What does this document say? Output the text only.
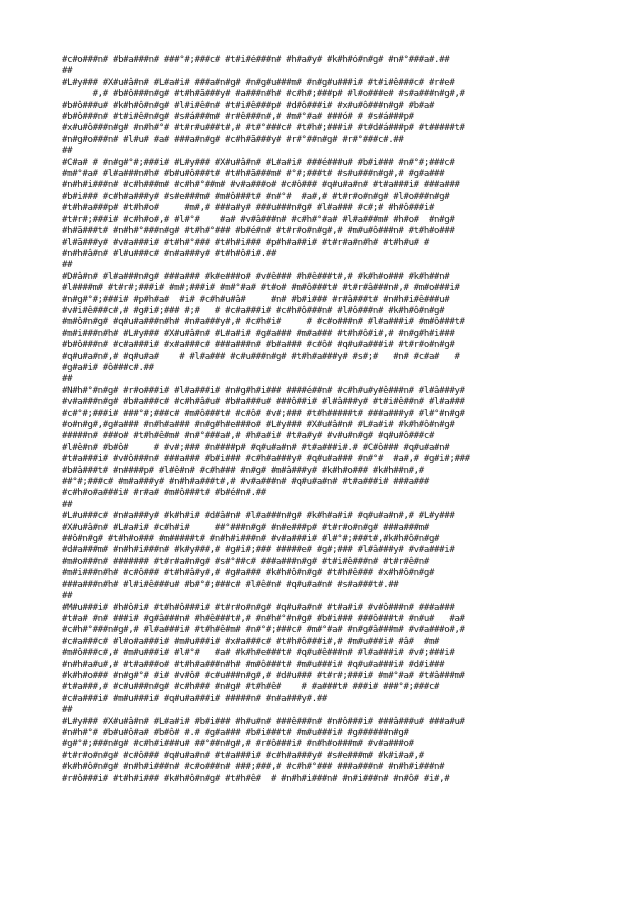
#c#o###n# #b#a###n# ###°#;###c# #t#i#é###n# #h#a#y# #k#h#ó#n#g# #n#°###a#.##
##
#L#y### #X#u#â#n# #L#a#i# ###a#n#g# #n#g#u###m# #n#g#u###i# #t#i#ê###c# #r#e#
#,# #b#ô###n#g# #t#h#ã###y# #a###n#h# #c#h#;###p# #l#o###e# #s#a###n#g#,#
#b#ô###u# #k#h#ô#n#g# #l#i#ê#n# #t#i#ê###p# #d#ô###i# #x#u#ô###n#g# #b#a#
#b#ô###n# #t#i#ê#n#g# #s#á###m# #r#ê###n#,# #m#°#a# ###ó# # #s#á###p#
#x#u#ô###n#g# #n#h#°# #t#r#u###t#,# #t#°###c# #t#h#;###i# #t#d#á###p# #t#####t#
#n#g#o###n# #l#u# #a# ###a#n#g# #c#h#ã###y# #r#°##n#g# #r#°###c#.##
##
#C#a# # #n#g#°#;###i# #L#y### #X#u#â#n# #L#a#i# ###é###u# #b#i### #n#°#;###c#
#m#°#a# #l#a###n#h# #b#u#ô###t# #t#h#ã###m# #°#;###t# #s#u###n#g#,# #g#a###
#n#h#i###n# #c#h###m# #c#h#°##m# #v#a###o# #c#ô### #q#u#a#n# #t#a###i# ###a###
#b#i### #c#h#a###y# #s#e###m# #m#ô###t# #n#°#  #a#,# #t#r#o#n#g# #l#o###n#g#
#t#h#a###p# #t#h#o#     #m#,# ###a#y# ###u###n#g# #l#a### #c#;# #h#ô###i#
#t#r#;###i# #c#h#o#,# #l#°#    #a# #v#â###n# #c#h#°#a# #l#a###m# #h#o#  #n#g#
#h#ã###t# #n#h#°###n#g# #t#h#°### #b#é#n# #t#r#o#n#g#,# #m#u#ô###n# #t#h#o###
#l#ã###y# #v#a###i# #t#h#°### #t#h#i### #p#h#a##i# #t#r#a#n#h# #t#h#u# #
#n#h#â#n# #l#u###c# #n#a###y# #t#h#ô#i#.##
##
#D#â#n# #l#a###n#g# ###a### #k#e###o# #v#ê### #h#ê###t#,# #k#h#o### #k#h##n#
#l####m# #t#r#;###i# #m#;###i# #m#°#a# #t#o# #m#ô###t# #t#r#â###n#,# #m#o###i#
#n#g#°#;###i# #p#h#a#  #i# #c#h#u#â#     #n# #b#i### #r#â###t# #n#h#i#ê###u#
#v#i#ê###c#,# #g#i#;### #;#   # #c#a###i# #c#h#ô###n# #l#ô###n# #k#h#ô#n#g#
#m#ô#n#g# #q#u#a###n#h# #n#a###y#,# #c#h#i#     # #c#o###n# #l#a###i# #m#ô###t#
#m#i###n#h# #L#y### #X#u#â#n# #L#a#i# #g#a### #m#a### #t#h#ô#i#,# #n#g#h#i###
#b#ô###n# #c#a###i# #x#a###c# ###a###n# #b#a### #c#ô# #q#u#a###i# #t#r#o#n#g#
#q#u#a#n#,# #q#u#a#    # #l#a### #c#u###n#g# #t#h#a###y# #s#;#   #n# #c#a#   #
#g#a#i# #ô###c#.##
##
#N#h#°#n#g# #r#o###i# #l#a###i# #n#g#h#i### ####é##n# #c#h#u#y#ê###n# #l#â###y#
#v#a###n#g# #b#a###c# #c#h#â#u# #b#a###u# ###ô##i# #l#â###y# #t#i#ê##n# #l#a###
#c#°#;###i# ###°#;###c# #m#ô###t# #c#ô# #v#;### #t#h#####t# ###a###y# #l#°#n#g#
#o#n#g#,#g#a### #n#h#a### #n#g#h#e###o# #L#y### #X#u#â#n# #L#a#i# #k#h#ô#n#g#
#####n# ###o# #t#h#ê#m# #n#°###a#,# #h#a#i# #t#a#y# #v#u#n#g# #q#u#ô###c#
#l#ê#n# #b#ô#     # #v#;### #n####p# #q#u#a#n# #t#a###i#.# #C#ô### #q#u#a#n#
#t#a###i# #v#ô###n# ###a### #b#i### #c#h#a###y# #q#u#a### #n#°#  #a#,# #g#i#;###
#b#â###t# #n####p# #l#ê#n# #c#h### #n#g# #m#â###y# #k#h#o### #k#h##n#,#
##°#;###c# #m#a###y# #n#h#a###t#,# #v#a###n# #q#u#a#n# #t#a###i# ###a###
#c#h#o#a###i# #r#a# #m#ô###t# #b#é#n#.##
##
#L#u###c# #n#a###y# #k#h#i# #d#â#n# #l#a###n#g# #k#h#a#i# #q#u#a#n#,# #L#y###
#X#u#â#n# #L#a#i# #c#h#i#     ##°###n#g# #n#e###p# #t#r#o#n#g# ###a###m#
##ô#n#g# #t#h#o### #m#####t# #n#h#i###n# #v#a###i# #l#°#;###t#,#k#h#ô#n#g#
#d#a###m# #n#h#i###n# #k#y###,# #g#i#;### #####e# #g#;### #l#â###y# #v#a###i#
#m#o###n# ####### #t#r#a#n#g# #s#°##c# ###a###n#g# #t#i#ê###n# #t#r#ê#n#
#m#i###n#h# #c#ô### #t#h#â#y#,# #g#a### #k#h#ô#n#g# #t#h#ê### #x#h#ô#n#g#
###a###n#h# #l#i#ê###u# #b#°#;###c# #l#ê#n# #q#u#a#n# #s#a###t#.##
##
#M#u###i# #h#ô#i# #t#h#ô###i# #t#r#o#n#g# #q#u#a#n# #t#a#i# #v#ô###n# ###a###
#t#a# #n# ###i# #g#â###n# #h#ê###t#,# #n#h#°#n#g# #b#i### ###ô###t# #n#u#   #a#
#c#h#°###n#g#,# #l#a###i# #t#h#ê#m# #n#°#;###c# #m#°#a# #n#g#â###m# #v#a###o#,#
#c#a###c# #l#o#a###i# #m#u###i# #x#a###c# #t#h#ô###i#,# #m#u###i# #â#  #m#
#m#ô###c#,# #m#u###i# #l#°#   #a# #k#h#e###t# #q#u#ê###n# #l#a###i# #v#;###i#
#n#h#a#u#,# #t#a###o# #t#h#a###n#h# #m#ô###t# #m#u###i# #q#u#a###i# #d#i###
#k#h#o### #n#g#°# #i# #v#ô# #c#u###n#g#,# #d#u### #t#r#;###i# #m#°#a# #t#â###m#
#t#a###,# #c#u###n#g# #c#h### #n#g# #t#h#ê#    # #a###t# ###i# ###°#;###c#
#c#a###i# #m#u###i# #q#u#a###i# #####n# #n#a###y#.##
##
#L#y### #X#u#â#n# #L#a#i# #b#i### #h#u#n# ###ê###n# #n#ô###i# ###â###u# ###a#u#
#n#h#°# #b#u#ô#a# #b#ô# #.# #g#a### #b#i###t# #m#u###i# #g######n#g#
#g#°#;###n#g# #c#h#i###u# ##°##n#g#,# #r#ô###i# #n#h#o###m# #v#a###o#
#t#r#o#n#g# #c#ô### #q#u#a#n# #t#a###i# #c#h#a###y# #s#e###m# #k#i#a#,#
#k#h#ô#n#g# #n#h#i###n# #c#o###n# ###;###,# #c#h#°### ###a###n# #n#h#i###n#
#r#ô###i# #t#h#i### #k#h#ô#n#g# #t#h#ê#  # #n#h#i###n# #n#i###n# #n#ô# #i#,#
